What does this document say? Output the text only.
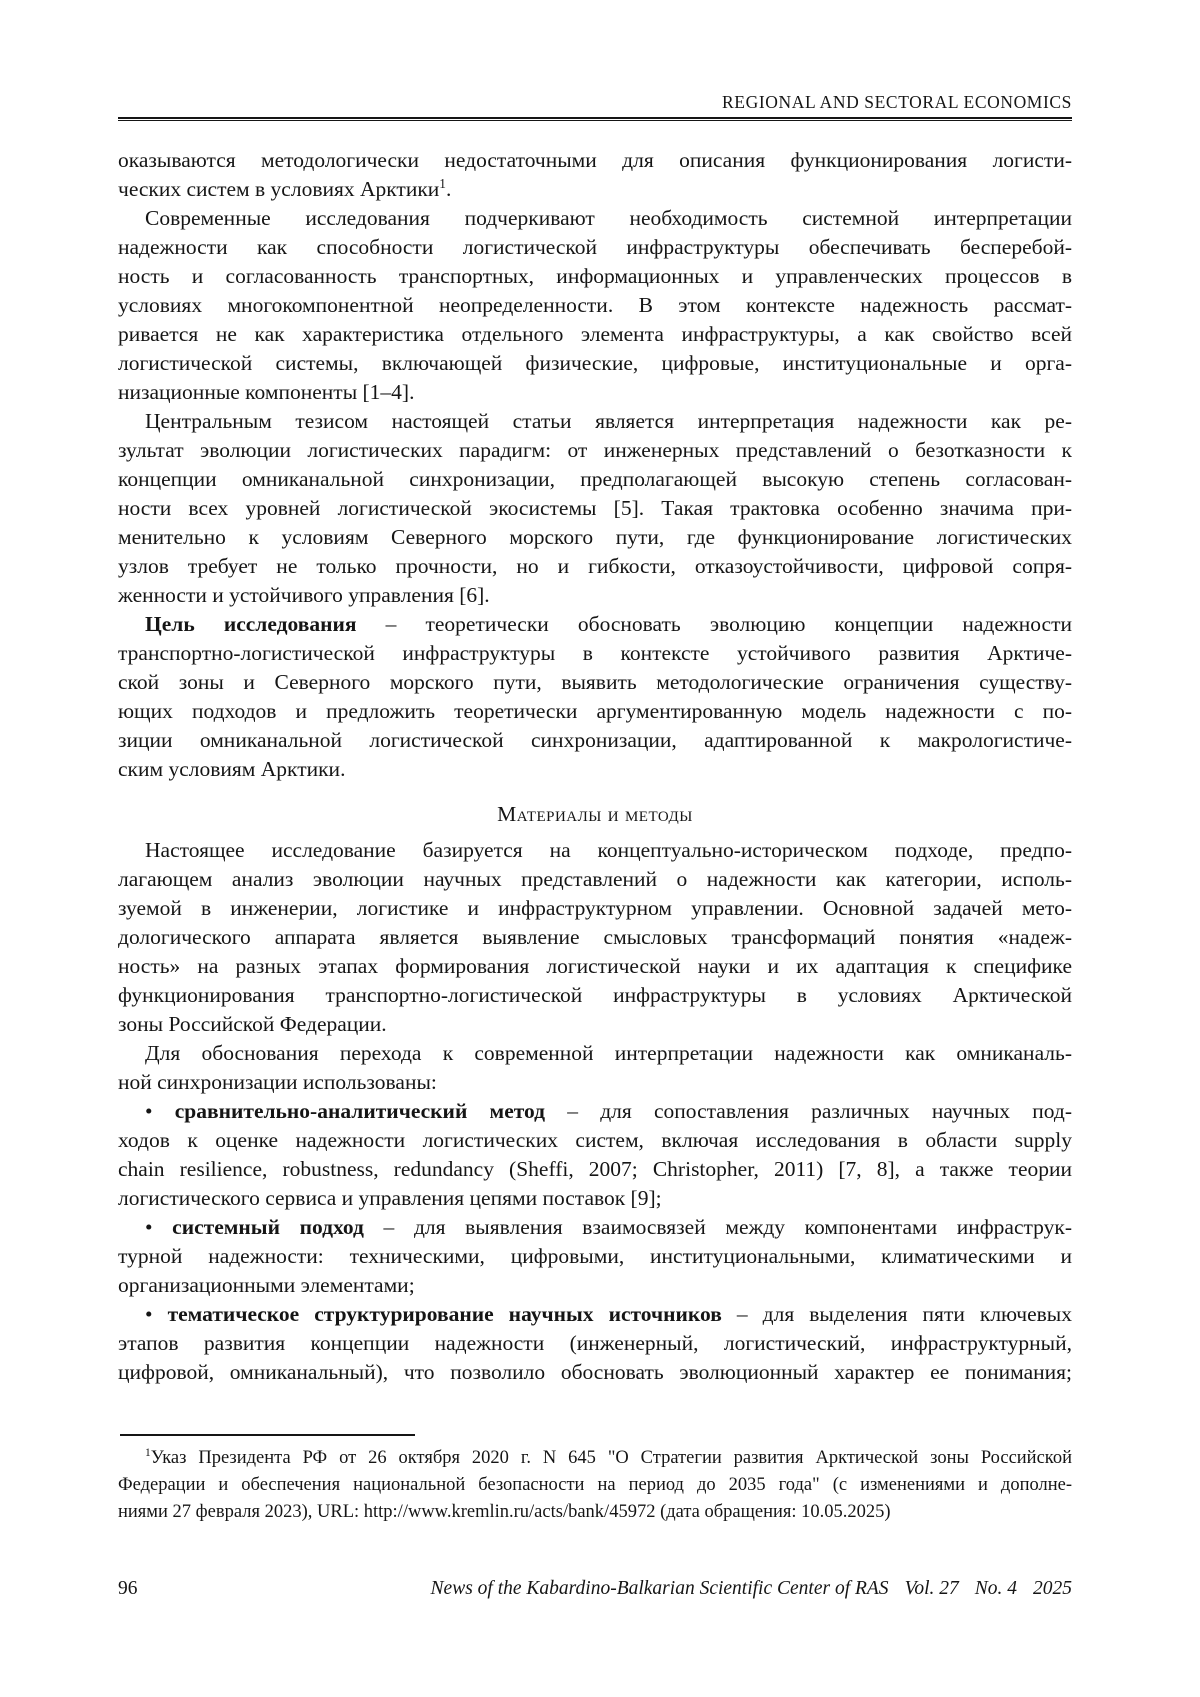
REGIONAL AND SECTORAL ECONOMICS
оказываются методологически недостаточными для описания функционирования логисти-
ческих систем в условиях Арктики$^1$.
Современные исследования подчеркивают необходимость системной интерпретации
надежности как способности логистической инфраструктуры обеспечивать бесперебой-
ность и согласованность транспортных, информационных и управленческих процессов в
условиях многокомпонентной неопределенности. В этом контексте надежность рассмат-
ривается не как характеристика отдельного элемента инфраструктуры, а как свойство всей
логистической системы, включающей физические, цифровые, институциональные и орга-
низационные компоненты [1–4].
Центральным тезисом настоящей статьи является интерпретация надежности как ре-
зультат эволюции логистических парадигм: от инженерных представлений о безотказности к
концепции омниканальной синхронизации, предполагающей высокую степень согласован-
ности всех уровней логистической экосистемы [5]. Такая трактовка особенно значима при-
менительно к условиям Северного морского пути, где функционирование логистических
узлов требует не только прочности, но и гибкости, отказоустойчивости, цифровой сопря-
женности и устойчивого управления [6].
Цель исследования – теоретически обосновать эволюцию концепции надежности
транспортно-логистической инфраструктуры в контексте устойчивого развития Арктиче-
ской зоны и Северного морского пути, выявить методологические ограничения существу-
ющих подходов и предложить теоретически аргументированную модель надежности с по-
зиции омниканальной логистической синхронизации, адаптированной к макрологистиче-
ским условиям Арктики.
Материалы и методы
Настоящее исследование базируется на концептуально-историческом подходе, предпо-
лагающем анализ эволюции научных представлений о надежности как категории, исполь-
зуемой в инженерии, логистике и инфраструктурном управлении. Основной задачей мето-
дологического аппарата является выявление смысловых трансформаций понятия «надеж-
ность» на разных этапах формирования логистической науки и их адаптация к специфике
функционирования транспортно-логистической инфраструктуры в условиях Арктической
зоны Российской Федерации.
Для обоснования перехода к современной интерпретации надежности как омниканаль-
ной синхронизации использованы:
• сравнительно-аналитический метод – для сопоставления различных научных под-
ходов к оценке надежности логистических систем, включая исследования в области supply
chain resilience, robustness, redundancy (Sheffi, 2007; Christopher, 2011) [7, 8], а также теории
логистического сервиса и управления цепями поставок [9];
• системный подход – для выявления взаимосвязей между компонентами инфраструк-
турной надежности: техническими, цифровыми, институциональными, климатическими и
организационными элементами;
• тематическое структурирование научных источников – для выделения пяти ключевых
этапов развития концепции надежности (инженерный, логистический, инфраструктурный,
цифровой, омниканальный), что позволило обосновать эволюционный характер ее понимания;
$^1$Указ Президента РФ от 26 октября 2020 г. N 645 "О Стратегии развития Арктической зоны Российской
Федерации и обеспечения национальной безопасности на период до 2035 года" (с изменениями и дополне-
ниями 27 февраля 2023), URL: http://www.kremlin.ru/acts/bank/45972 (дата обращения: 10.05.2025)
96	News of the Kabardino-Balkarian Scientific Center of RAS Vol. 27 No. 4 2025
